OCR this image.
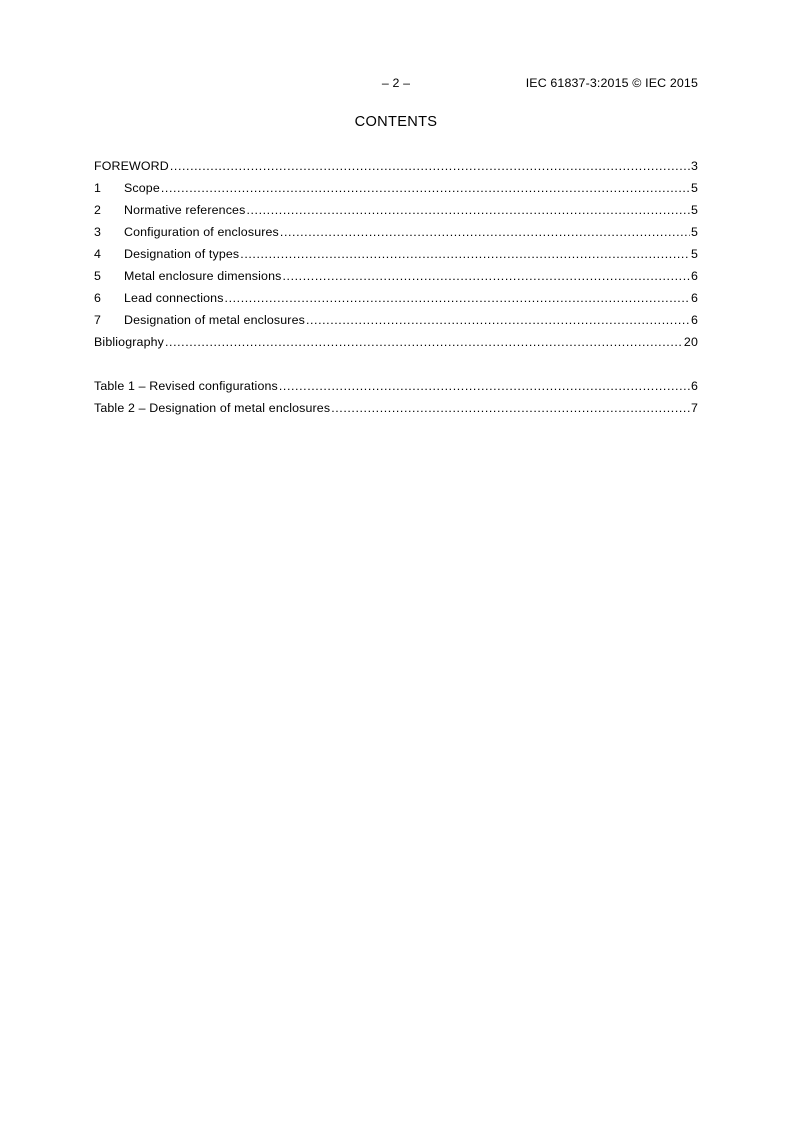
– 2 –	IEC 61837-3:2015 © IEC 2015
CONTENTS
FOREWORD .....	3
1	Scope .....	5
2	Normative references .....	5
3	Configuration of enclosures .....	5
4	Designation of types .....	5
5	Metal enclosure dimensions .....	6
6	Lead connections .....	6
7	Designation of metal enclosures .....	6
Bibliography .....	20
Table 1 – Revised configurations .....	6
Table 2 – Designation of metal enclosures .....	7
